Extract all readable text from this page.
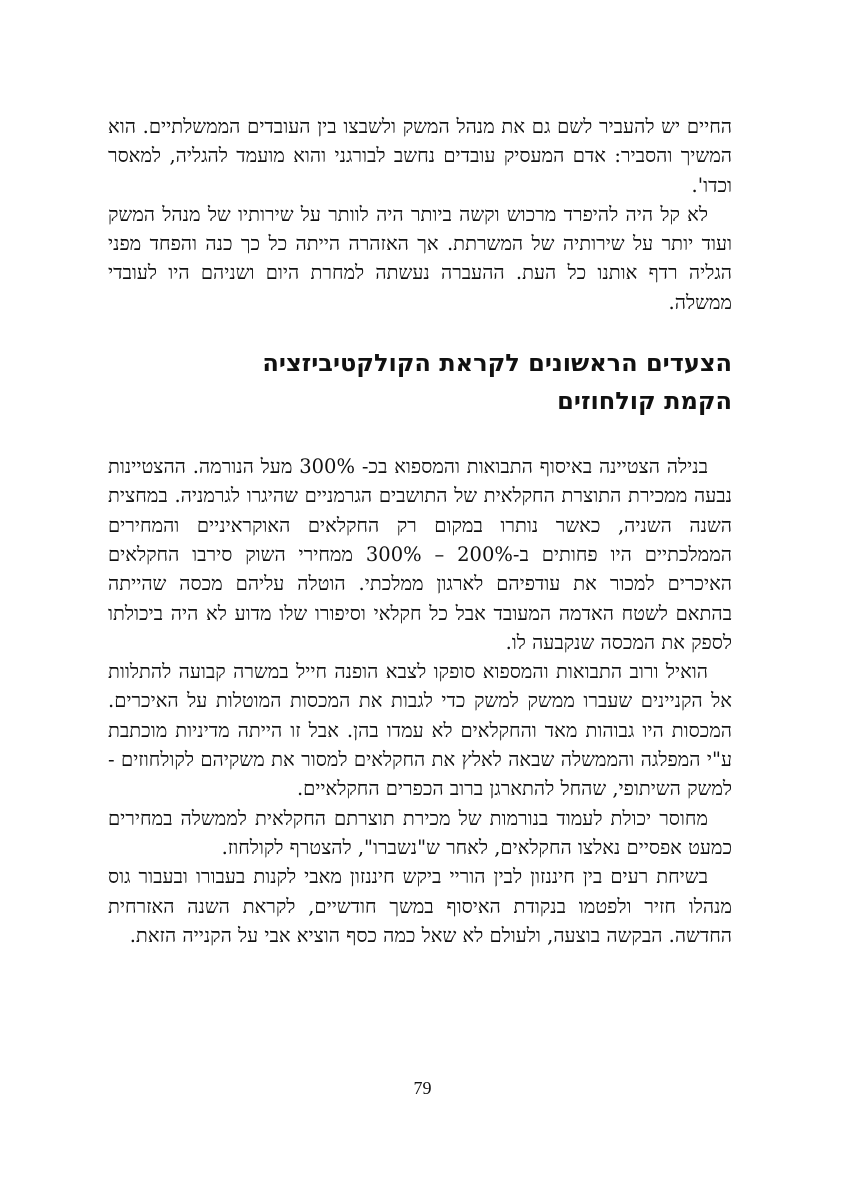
החיים יש להעביר לשם גם את מנהל המשק ולשבצו בין העובדים הממשלתיים. הוא המשיך והסביר: אדם המעסיק עובדים נחשב לבורגני והוא מועמד להגליה, למאסר וכדו'.

לא קל היה להיפרד מרכוש וקשה ביותר היה לוותר על שירותיו של מנהל המשק ועוד יותר על שירותיה של המשרתת. אך האזהרה הייתה כל כך כנה והפחד מפני הגליה רדף אותנו כל העת. ההעברה נעשתה למחרת היום ושניהם היו לעובדי ממשלה.

הצעדים הראשונים לקראת הקולקטיביזציה
הקמת קולחוזים

בנילה הצטיינה באיסוף התבואות והמספוא בכ- 300% מעל הנורמה. ההצטיינות נבעה ממכירת התוצרת החקלאית של התושבים הגרמניים שהיגרו לגרמניה. במחצית השנה השניה, כאשר נותרו במקום רק החקלאים האוקראיניים והמחירים הממלכתיים היו פחותים ב-200% – 300% ממחירי השוק סירבו החקלאים האיכרים למכור את עודפיהם לארגון ממלכתי. הוטלה עליהם מכסה שהייתה בהתאם לשטח האדמה המעובד אבל כל חקלאי וסיפורו שלו מדוע לא היה ביכולתו לספק את המכסה שנקבעה לו.

הואיל ורוב התבואות והמספוא סופקו לצבא הופנה חייל במשרה קבועה להתלוות אל הקניינים שעברו ממשק למשק כדי לגבות את המכסות המוטלות על האיכרים. המכסות היו גבוהות מאד והחקלאים לא עמדו בהן. אבל זו הייתה מדיניות מוכתבת ע"י המפלגה והממשלה שבאה לאלץ את החקלאים למסור את משקיהם לקולחוזים - למשק השיתופי, שהחל להתארגן ברוב הכפרים החקלאיים.

מחוסר יכולת לעמוד בנורמות של מכירת תוצרתם החקלאית לממשלה במחירים כמעט אפסיים נאלצו החקלאים, לאחר ש"נשברו", להצטרף לקולחוז.

בשיחת רעים בין חיננזון לבין הוריי ביקש חיננזון מאבי לקנות בעבורו ובעבור גוס מנהלו חזיר ולפטמו בנקודת האיסוף במשך חודשיים, לקראת השנה האזרחית החדשה. הבקשה בוצעה, ולעולם לא שאל כמה כסף הוציא אבי על הקנייה הזאת.

79
